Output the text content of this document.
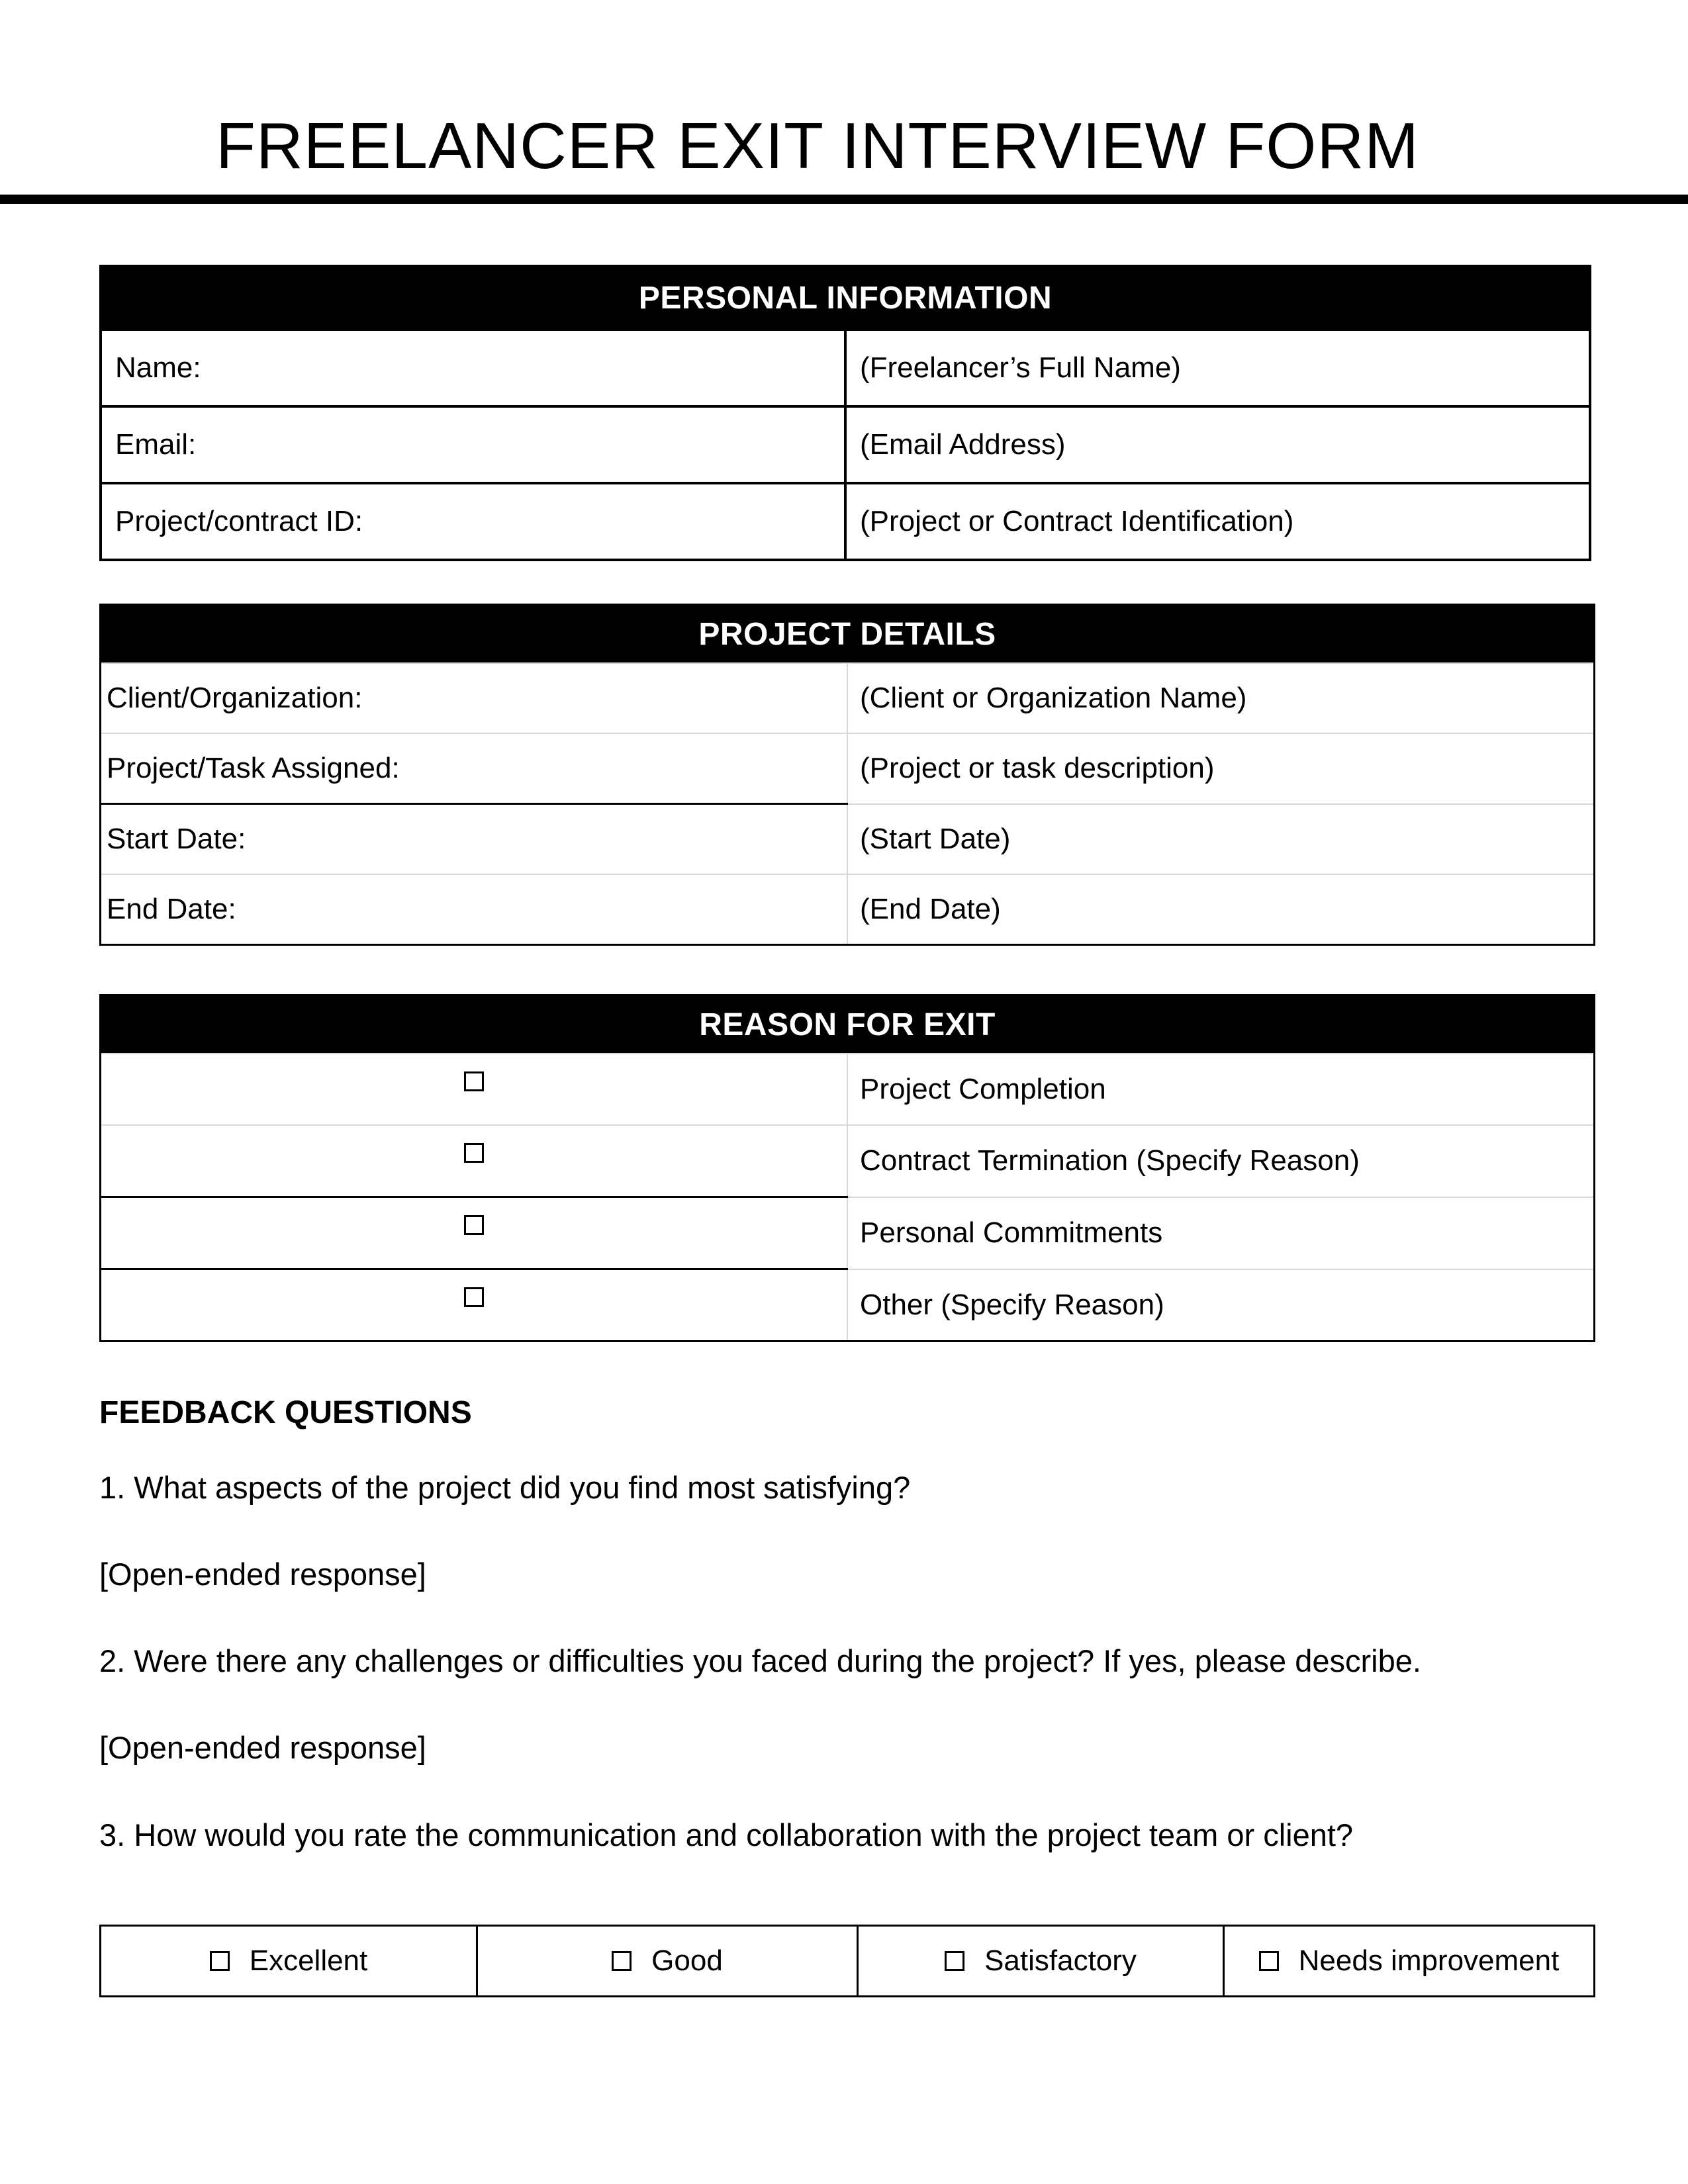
FREELANCER EXIT INTERVIEW FORM
PERSONAL INFORMATION	
Name:	(Freelancer’s Full Name)
Email:	(Email Address)
Project/contract ID:	(Project or Contract Identification)
PROJECT DETAILS	
Client/Organization:	(Client or Organization Name)
Project/Task Assigned:	(Project or task description)
Start Date:	(Start Date)
End Date:	(End Date)
REASON FOR EXIT	
	Project Completion
	Contract Termination (Specify Reason)
	Personal Commitments
	Other (Specify Reason)
FEEDBACK QUESTIONS
1. What aspects of the project did you find most satisfying?
[Open-ended response]
2. Were there any challenges or difficulties you faced during the project? If yes, please describe.
[Open-ended response]
3. How would you rate the communication and collaboration with the project team or client?
Excellent	Good	Satisfactory	Needs improvement
